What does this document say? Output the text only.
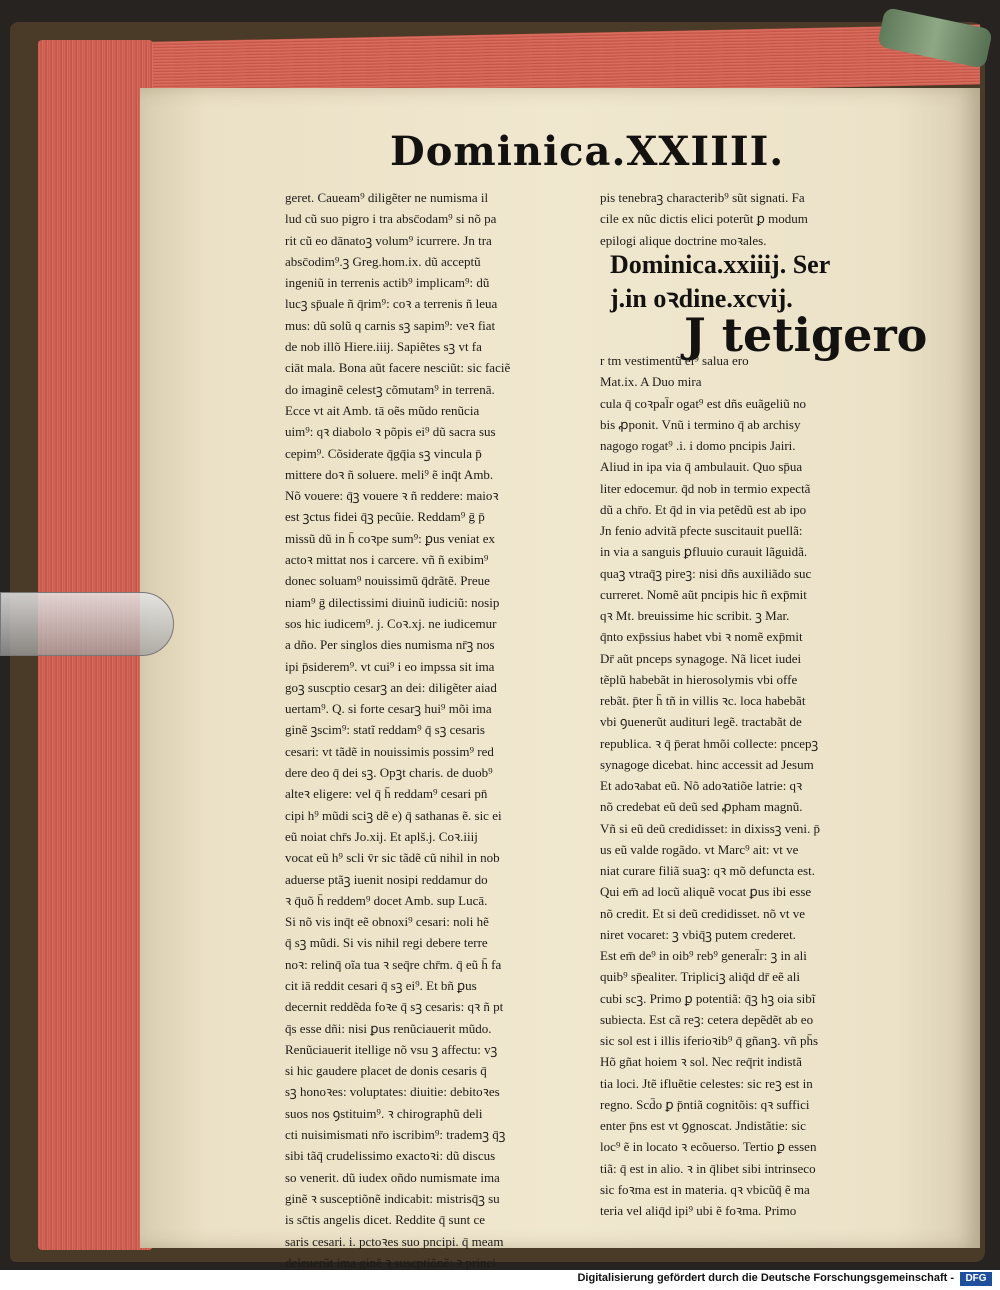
Dominica.XXIIII.

geret. Caueam⁹ diligẽter ne numisma il

lud cũ suo pigro i tra absc̄odam⁹ si nõ pa

rit cũ eo dānatoꝫ volum⁹ icurrere. Jn tra

absc̄odim⁹.ꝫ Greg.hom.ix. dũ acceptũ

ingeniũ in terrenis actib⁹ implicam⁹: dũ

lucꝫ sp̄uale ñ q̄rim⁹: coꝛ a terrenis ñ leua

mus: dũ solũ q carnis sꝫ sapim⁹: veꝛ fiat

de nob illõ Hiere.iiij. Sapiẽtes sꝫ vt fa

ciāt mala. Bona aũt facere nesciũt: sic faciẽ

do imaginẽ celestꝫ cõmutam⁹ in terrenā.

Ecce vt ait Amb. tā oẽs mũdo renũcia

uim⁹: qꝛ diabolo ꝛ põpis ei⁹ dũ sacra sus

cepim⁹. Cõsiderate q̄gq̄ia sꝫ vincula p̄

mittere doꝛ ñ soluere. meli⁹ ẽ inq̄t Amb.

Nõ vouere: q̄ꝫ vouere ꝛ ñ reddere: maioꝛ

est ꝫctus fidei q̄ꝫ pecũie. Reddam⁹ ḡ p̄

missũ dũ in h̄ coꝛpe sum⁹: ꝑus veniat ex

actoꝛ mittat nos i carcere. vñ ñ exibim⁹

donec soluam⁹ nouissimũ q̄drãtẽ. Preue

niam⁹ ḡ dilectissimi diuinũ iudiciũ: nosip

sos hic iudicem⁹. j. Coꝛ.xj. ne iudicemur

a dño. Per singlos dies numisma nr̄ꝫ nos

ipi p̄siderem⁹. vt cui⁹ i eo impssa sit ima

goꝫ suscptio cesarꝫ an dei: diligẽter aiad

uertam⁹. Q. si forte cesarꝫ hui⁹ mõi ima

ginẽ ꝫscim⁹: statĩ reddam⁹ q̄ sꝫ cesaris

cesari: vt tãdẽ in nouissimis possim⁹ red

dere deo q̄ dei sꝫ. Opꝫt charis. de duob⁹

alteꝛ eligere: vel q̄ h̄ reddam⁹ cesari pn̄

cipi h⁹ mũdi sciꝫ dẽ e) q̄ sathanas ẽ. sic ei

eũ noiat chr̄s Jo.xij. Et aplš.j. Coꝛ.iiij

vocat eũ h⁹ scli v̄r sic tãdẽ cũ nihil in nob

aduerse ptãꝫ iuenit nosipi reddamur do

ꝛ q̄uõ h̄ reddem⁹ docet Amb. sup Lucā.

Si nõ vis inq̄t eẽ obnoxi⁹ cesari: noli hẽ

q̄ sꝫ mũdi. Si vis nihil regi debere terre

noꝛ: relinq̄ oĩa tua ꝛ seq̄re chr̄m. q̄ eũ h̄ fa

cit iā reddit cesari q̄ sꝫ ei⁹. Et bñ ꝑus

decernit reddẽda foꝛe q̄ sꝫ cesaris: qꝛ ñ pt

q̄s esse dñi: nisi ꝑus renũciauerit mũdo.

Renũciauerit itellige nõ vsu ꝫ affectu: vꝫ

si hic gaudere placet de donis cesaris q̄

sꝫ honoꝛes: voluptates: diuitie: debitoꝛes

suos nos ꝯstituim⁹. ꝛ chirographũ deli

cti nuisimismati nr̄o iscribim⁹: trademꝫ q̄ꝫ

sibi tãq̄ crudelissimo exactoꝛi: dũ discus

so venerit. dũ iudex oñdo numismate ima

ginẽ ꝛ susceptiõnẽ indicabit: mistrisq̄ꝫ su

is sc̄tis angelis dicet. Reddite q̄ sunt ce

saris cesari. i. pctoꝛes suo pncipi. q̄ meam

deleuerũt ima ginẽ ꝛ suscptiõnẽ: ꝛ princi

pis tenebraꝫ characterib⁹ sũt signati. Fa

cile ex nũc dictis elici poterũt ꝑ modum

epilogi alique doctrine moꝛales.

Dominica.xxiiij. Ser

j.in oꝛdine.xcvij.

J tetigero

r tm vestimentũ ei⁹ salua ero

Mat.ix. A Duo mira

cula q̄ coꝛpal̄r ogat⁹ est dñs euãgeliũ no

bis ꝓponit. Vnũ i termino q̄ ab archisy

nagogo rogat⁹ .i. i domo pncipis Jairi.

Aliud in ipa via q̄ ambulauit. Quo sp̄ua

liter edocemur. q̄d nob in termio expectã

dũ a chr̄o. Et q̄d in via petẽdũ est ab ipo

Jn fenio advitã pfecte suscitauit puellã:

in via a sanguis ꝑfluuio curauit lãguidã.

quaꝫ vtraq̄ꝫ pireꝫ: nisi dñs auxiliãdo suc

curreret. Nomẽ aũt pncipis hic ñ exp̄mit

qꝛ Mt. breuissime hic scribit. ꝫ Mar.

q̄nto exp̄ssius habet vbi ꝛ nomẽ exp̄mit

Dr̄ aũt pnceps synagoge. Nã licet iudei

tẽplũ habebãt in hierosolymis vbi offe

rebãt. p̄ter h̄ tñ in villis ꝛc. loca habebãt

vbi ꝯuenerũt audituri legẽ. tractabãt de

republica. ꝛ q̄ p̄erat hmõi collecte: pncepꝫ

synagoge dicebat. hinc accessit ad Jesum

Et adoꝛabat eũ. Nõ adoꝛatiõe latrie: qꝛ

nõ credebat eũ deũ sed ꝓpham magnũ.

Vñ si eũ deũ credidisset: in dixissꝫ veni. p̄

us eũ valde rogãdo. vt Marc⁹ ait: vt ve

niat curare filiã suaꝫ: qꝛ mõ defuncta est.

Qui em̄ ad locũ aliquẽ vocat ꝑus ibi esse

nõ credit. Et si deũ credidisset. nõ vt ve

niret vocaret: ꝫ vbiq̄ꝫ putem crederet.

Est em̄ de⁹ in oib⁹ reb⁹ general̄r: ꝫ in ali

quib⁹ sp̄ealiter. Tripliciꝫ aliq̄d dr̄ eẽ ali

cubi scꝫ. Primo ꝑ potentiã: q̄ꝫ hꝫ oia sibĩ

subiecta. Est cã reꝫ: cetera depẽdẽt ab eo

sic sol est i illis iferioꝛib⁹ q̄ gñanꝫ. vñ ph̄s

Hõ gñat hoiem ꝛ sol. Nec req̄rit indistã

tia loci. Jtẽ ifluẽtie celestes: sic reꝫ est in

regno. Scd̄o ꝑ p̄ntiã cognitõis: qꝛ suffici

enter p̄ns est vt ꝯgnoscat. Jndistãtie: sic

loc⁹ ẽ in locato ꝛ ecõuerso. Tertio ꝑ essen

tiã: q̄ est in alio. ꝛ in q̄libet sibi intrinseco

sic foꝛma est in materia. qꝛ vbicũq̄ ẽ ma

teria vel aliq̄d ipi⁹ ubi ẽ foꝛma. Primo

Digitalisierung gefördert durch die Deutsche Forschungsgemeinschaft -	DFG
